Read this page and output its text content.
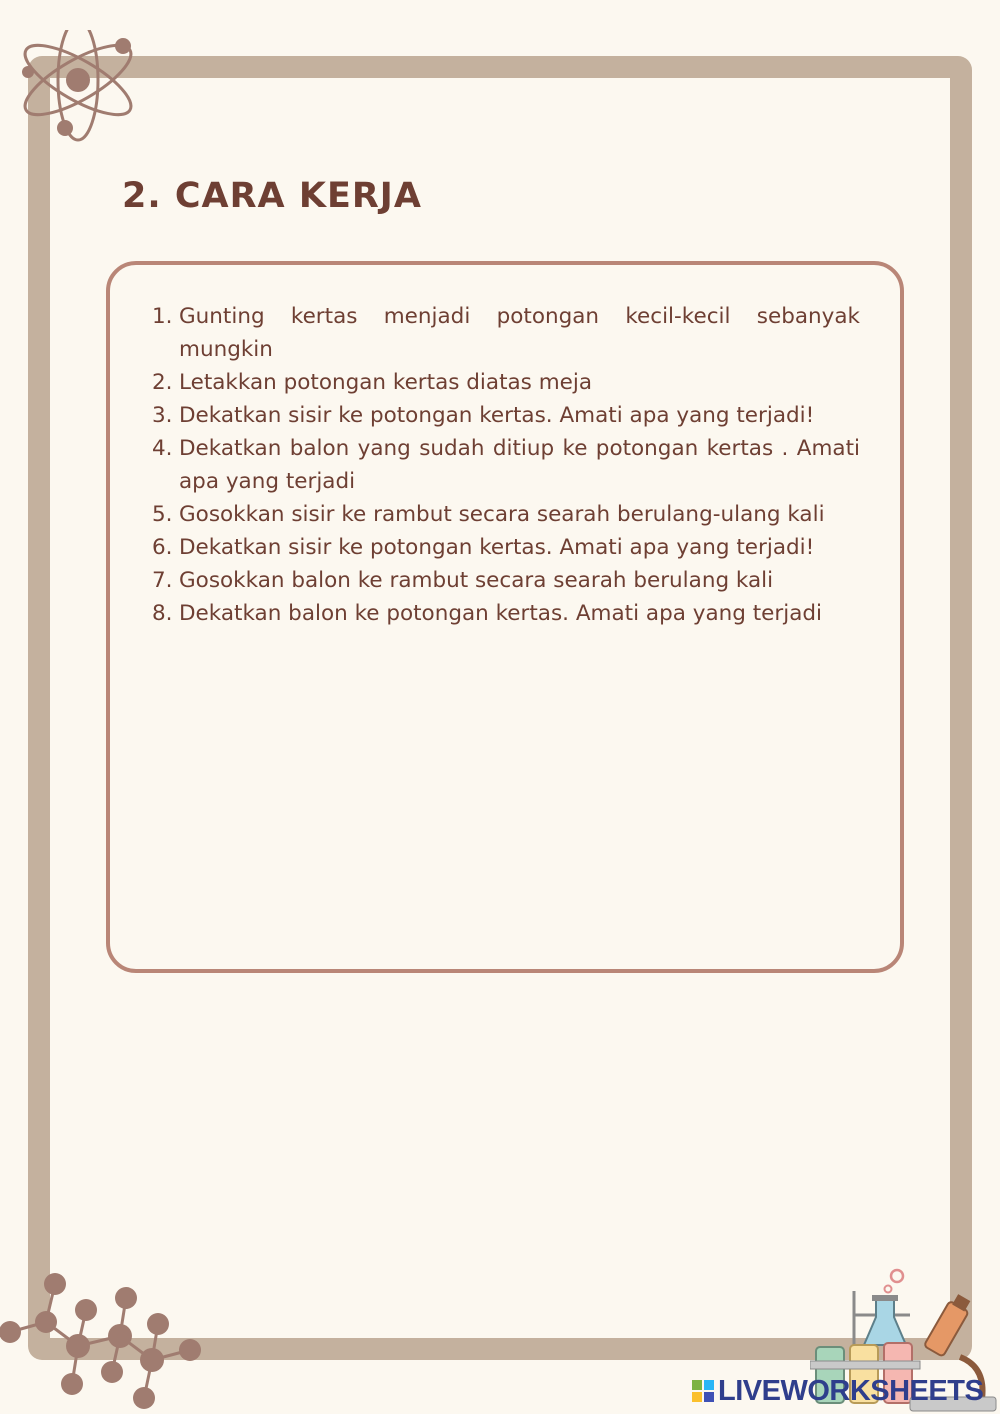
2. CARA KERJA
1. Gunting kertas menjadi potongan kecil-kecil sebanyak mungkin
2. Letakkan potongan kertas diatas meja
3. Dekatkan sisir ke potongan kertas. Amati apa yang terjadi!
4. Dekatkan balon yang sudah ditiup ke potongan kertas . Amati apa yang terjadi
5. Gosokkan sisir ke rambut secara searah berulang-ulang kali
6. Dekatkan sisir ke potongan kertas. Amati apa yang terjadi!
7. Gosokkan balon ke rambut secara searah berulang kali
8. Dekatkan balon ke potongan kertas. Amati apa yang terjadi
LIVEWORKSHEETS
